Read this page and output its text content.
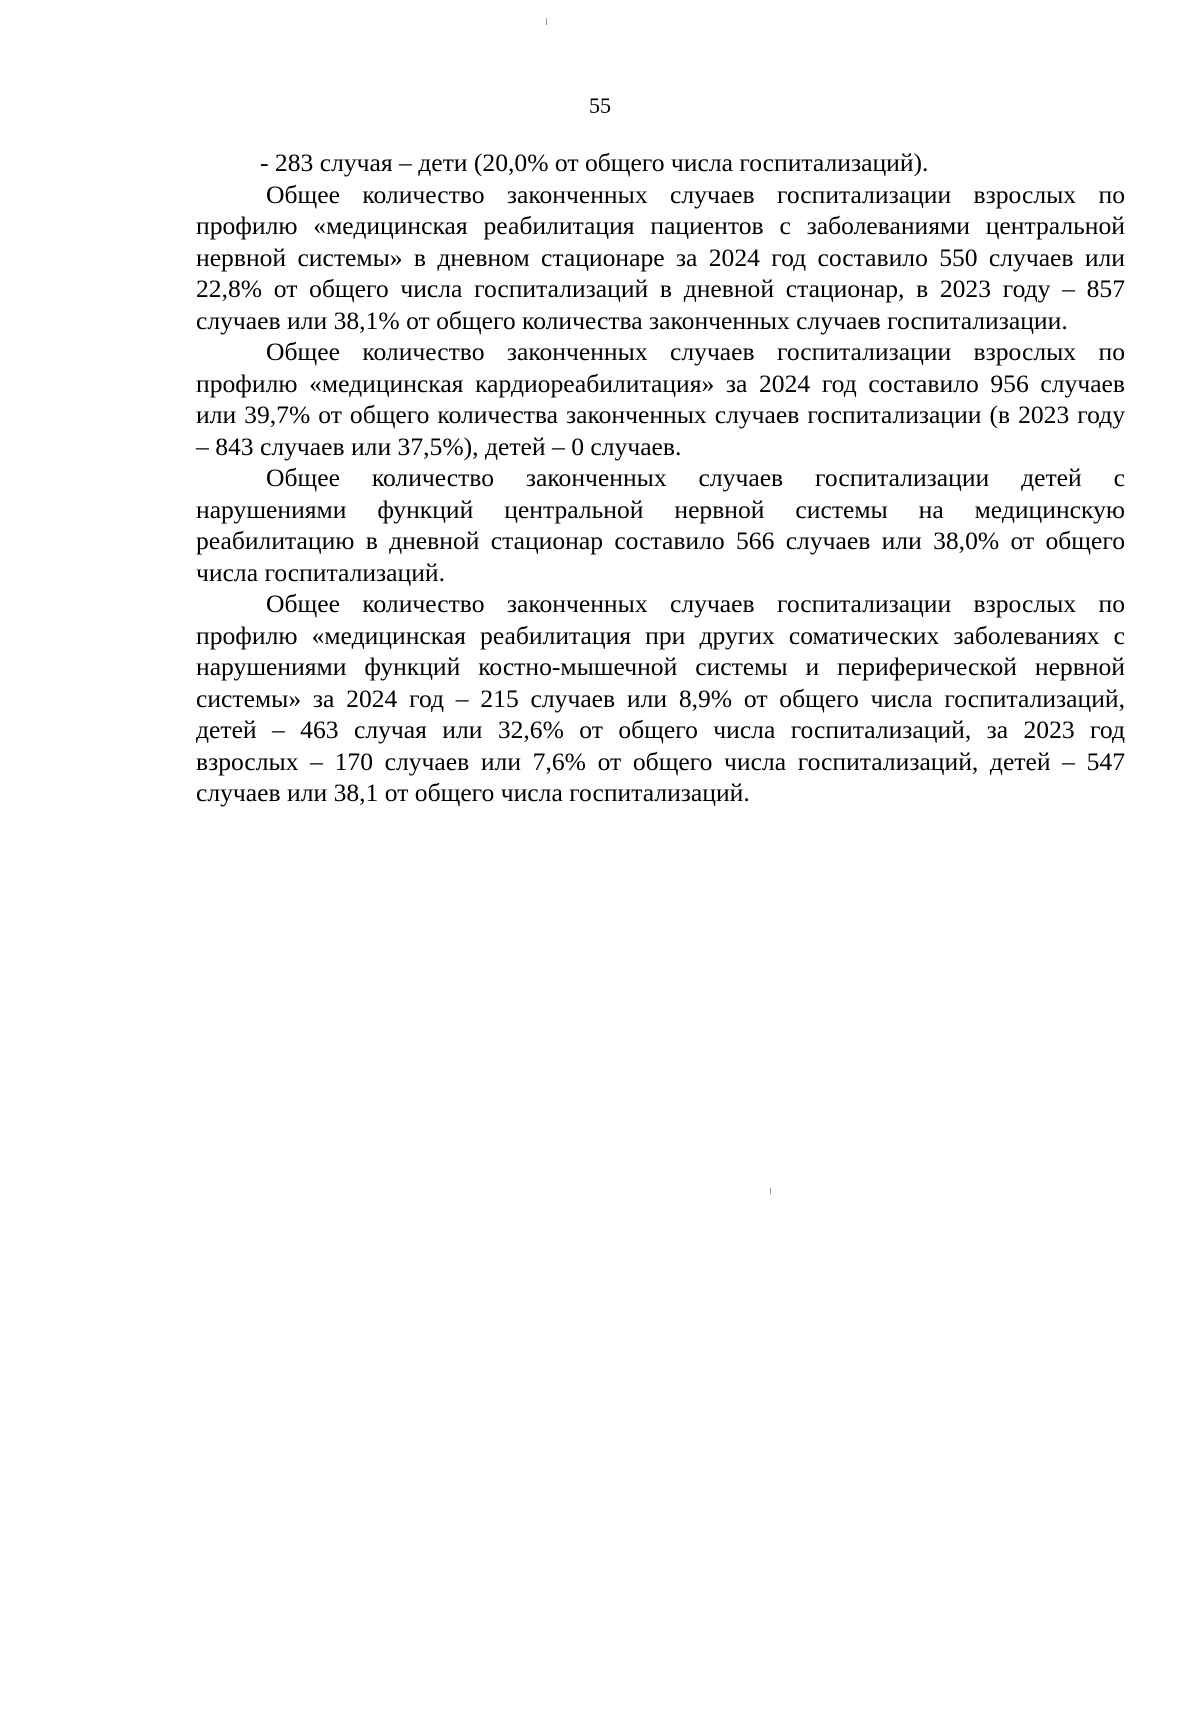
55

- 283 случая – дети (20,0% от общего числа госпитализаций).

Общее количество законченных случаев госпитализации взрослых по профилю «медицинская реабилитация пациентов с заболеваниями центральной нервной системы» в дневном стационаре за 2024 год составило 550 случаев или 22,8% от общего числа госпитализаций в дневной стационар, в 2023 году – 857 случаев или 38,1% от общего количества законченных случаев госпитализации.

Общее количество законченных случаев госпитализации взрослых по профилю «медицинская кардиореабилитация» за 2024 год составило 956 случаев или 39,7% от общего количества законченных случаев госпитализации (в 2023 году – 843 случаев или 37,5%), детей – 0 случаев.

Общее количество законченных случаев госпитализации детей с нарушениями функций центральной нервной системы на медицинскую реабилитацию в дневной стационар составило 566 случаев или 38,0% от общего числа госпитализаций.

Общее количество законченных случаев госпитализации взрослых по профилю «медицинская реабилитация при других соматических заболеваниях с нарушениями функций костно-мышечной системы и периферической нервной системы» за 2024 год – 215 случаев или 8,9% от общего числа госпитализаций, детей – 463 случая или 32,6% от общего числа госпитализаций, за 2023 год взрослых – 170 случаев или 7,6% от общего числа госпитализаций, детей – 547 случаев или 38,1 от общего числа госпитализаций.
